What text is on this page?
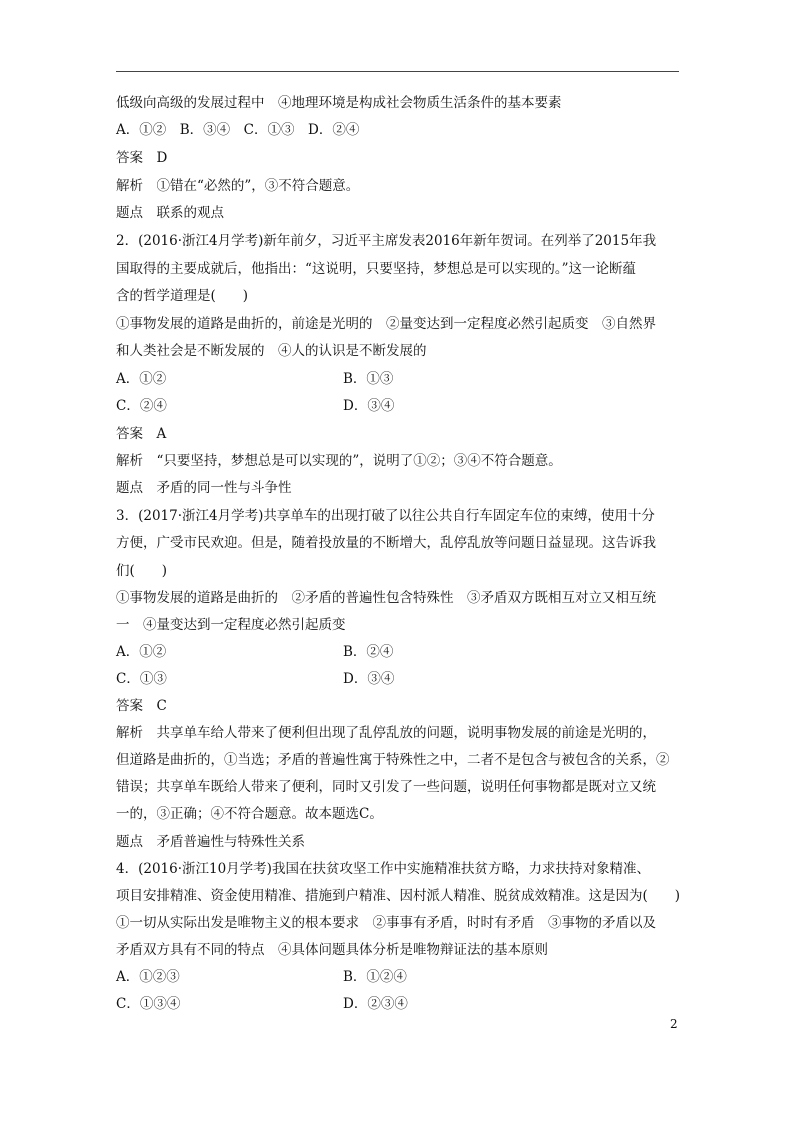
低级向高级的发展过程中　④地理环境是构成社会物质生活条件的基本要素
A．①②　B．③④　C．①③　D．②④
答案　D
解析　①错在“必然的”，③不符合题意。
题点　联系的观点
2．(2016·浙江4月学考)新年前夕，习近平主席发表2016年新年贺词。在列举了2015年我
国取得的主要成就后，他指出：“这说明，只要坚持，梦想总是可以实现的。”这一论断蕴
含的哲学道理是(　　)
①事物发展的道路是曲折的，前途是光明的　②量变达到一定程度必然引起质变　③自然界
和人类社会是不断发展的　④人的认识是不断发展的
A．①②	B．①③
C．②④	D．③④
答案　A
解析　“只要坚持，梦想总是可以实现的”，说明了①②；③④不符合题意。
题点　矛盾的同一性与斗争性
3．(2017·浙江4月学考)共享单车的出现打破了以往公共自行车固定车位的束缚，使用十分
方便，广受市民欢迎。但是，随着投放量的不断增大，乱停乱放等问题日益显现。这告诉我
们(　　)
①事物发展的道路是曲折的　②矛盾的普遍性包含特殊性　③矛盾双方既相互对立又相互统
一　④量变达到一定程度必然引起质变
A．①②	B．②④
C．①③	D．③④
答案　C
解析　共享单车给人带来了便利但出现了乱停乱放的问题，说明事物发展的前途是光明的，
但道路是曲折的，①当选；矛盾的普遍性寓于特殊性之中，二者不是包含与被包含的关系，②
错误；共享单车既给人带来了便利，同时又引发了一些问题，说明任何事物都是既对立又统
一的，③正确；④不符合题意。故本题选C。
题点　矛盾普遍性与特殊性关系
4．(2016·浙江10月学考)我国在扶贫攻坚工作中实施精准扶贫方略，力求扶持对象精准、
项目安排精准、资金使用精准、措施到户精准、因村派人精准、脱贫成效精准。这是因为(　　)
①一切从实际出发是唯物主义的根本要求　②事事有矛盾，时时有矛盾　③事物的矛盾以及
矛盾双方具有不同的特点　④具体问题具体分析是唯物辩证法的基本原则
A．①②③	B．①②④
C．①③④	D．②③④
2
